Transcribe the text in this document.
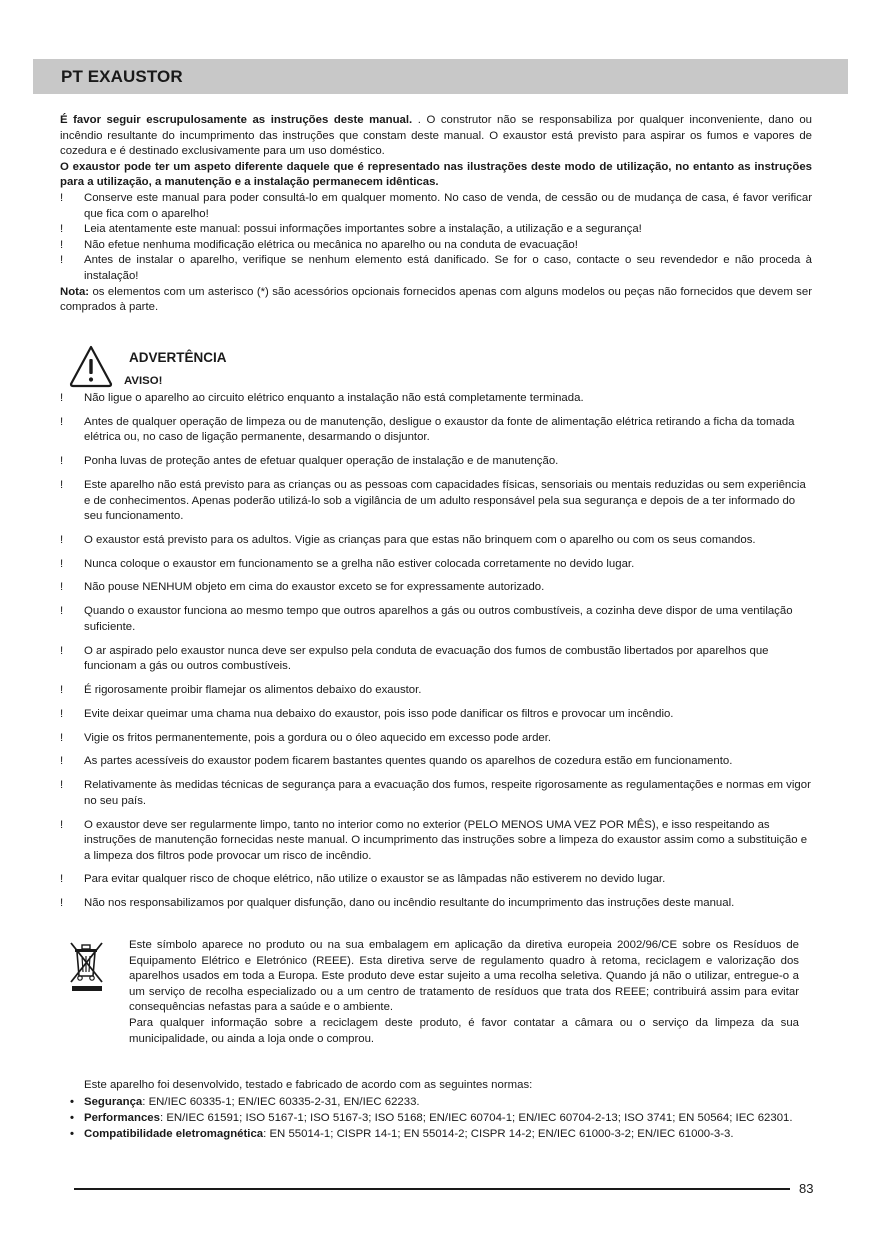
PT EXAUSTOR

É favor seguir escrupulosamente as instruções deste manual. . O construtor não se responsabiliza por qualquer inconveniente, dano ou incêndio resultante do incumprimento das instruções que constam deste manual. O exaustor está previsto para aspirar os fumos e vapores de cozedura e é destinado exclusivamente para um uso doméstico.

O exaustor pode ter um aspeto diferente daquele que é representado nas ilustrações deste modo de utilização, no entanto as instruções para a utilização, a manutenção e a instalação permanecem idênticas.

! Conserve este manual para poder consultá-lo em qualquer momento. No caso de venda, de cessão ou de mudança de casa, é favor verificar que fica com o aparelho!
! Leia atentamente este manual: possui informações importantes sobre a instalação, a utilização e a segurança!
! Não efetue nenhuma modificação elétrica ou mecânica no aparelho ou na conduta de evacuação!
! Antes de instalar o aparelho, verifique se nenhum elemento está danificado. Se for o caso, contacte o seu revendedor e não proceda à instalação!

Nota: os elementos com um asterisco (*) são acessórios opcionais fornecidos apenas com alguns modelos ou peças não fornecidos que devem ser comprados à parte.

ADVERTÊNCIA
AVISO!
! Não ligue o aparelho ao circuito elétrico enquanto a instalação não está completamente terminada.
! Antes de qualquer operação de limpeza ou de manutenção, desligue o exaustor da fonte de alimentação elétrica retirando a ficha da tomada elétrica ou, no caso de ligação permanente, desarmando o disjuntor.
! Ponha luvas de proteção antes de efetuar qualquer operação de instalação e de manutenção.
! Este aparelho não está previsto para as crianças ou as pessoas com capacidades físicas, sensoriais ou mentais reduzidas ou sem experiência e de conhecimentos. Apenas poderão utilizá-lo sob a vigilância de um adulto responsável pela sua segurança e depois de a ter informado do seu funcionamento.
! O exaustor está previsto para os adultos. Vigie as crianças para que estas não brinquem com o aparelho ou com os seus comandos.
! Nunca coloque o exaustor em funcionamento se a grelha não estiver colocada corretamente no devido lugar.
! Não pouse NENHUM objeto em cima do exaustor exceto se for expressamente autorizado.
! Quando o exaustor funciona ao mesmo tempo que outros aparelhos a gás ou outros combustíveis, a cozinha deve dispor de uma ventilação suficiente.
! O ar aspirado pelo exaustor nunca deve ser expulso pela conduta de evacuação dos fumos de combustão libertados por aparelhos que funcionam a gás ou outros combustíveis.
! É rigorosamente proibir flamejar os alimentos debaixo do exaustor.
! Evite deixar queimar uma chama nua debaixo do exaustor, pois isso pode danificar os filtros e provocar um incêndio.
! Vigie os fritos permanentemente, pois a gordura ou o óleo aquecido em excesso pode arder.
! As partes acessíveis do exaustor podem ficarem bastantes quentes quando os aparelhos de cozedura estão em funcionamento.
! Relativamente às medidas técnicas de segurança para a evacuação dos fumos, respeite rigorosamente as regulamentações e normas em vigor no seu país.
! O exaustor deve ser regularmente limpo, tanto no interior como no exterior (PELO MENOS UMA VEZ POR MÊS), e isso respeitando as instruções de manutenção fornecidas neste manual. O incumprimento das instruções sobre a limpeza do exaustor assim como a substituição e a limpeza dos filtros pode provocar um risco de incêndio.
! Para evitar qualquer risco de choque elétrico, não utilize o exaustor se as lâmpadas não estiverem no devido lugar.
! Não nos responsabilizamos por qualquer disfunção, dano ou incêndio resultante do incumprimento das instruções deste manual.

Este símbolo aparece no produto ou na sua embalagem em aplicação da diretiva europeia 2002/96/CE sobre os Resíduos de Equipamento Elétrico e Eletrónico (REEE). Esta diretiva serve de regulamento quadro à retoma, reciclagem e valorização dos aparelhos usados em toda a Europa. Este produto deve estar sujeito a uma recolha seletiva. Quando já não o utilizar, entregue-o a um serviço de recolha especializado ou a um centro de tratamento de resíduos que trata dos REEE; contribuirá assim para evitar consequências nefastas para a saúde e o ambiente.

Para qualquer informação sobre a reciclagem deste produto, é favor contatar a câmara ou o serviço da limpeza da sua municipalidade, ou ainda a loja onde o comprou.

Este aparelho foi desenvolvido, testado e fabricado de acordo com as seguintes normas:

• Segurança: EN/IEC 60335-1; EN/IEC 60335-2-31, EN/IEC 62233.
• Performances: EN/IEC 61591; ISO 5167-1; ISO 5167-3; ISO 5168; EN/IEC 60704-1; EN/IEC 60704-2-13; ISO 3741; EN 50564; IEC 62301.
• Compatibilidade eletromagnética: EN 55014-1; CISPR 14-1; EN 55014-2; CISPR 14-2; EN/IEC 61000-3-2; EN/IEC 61000-3-3.
83
